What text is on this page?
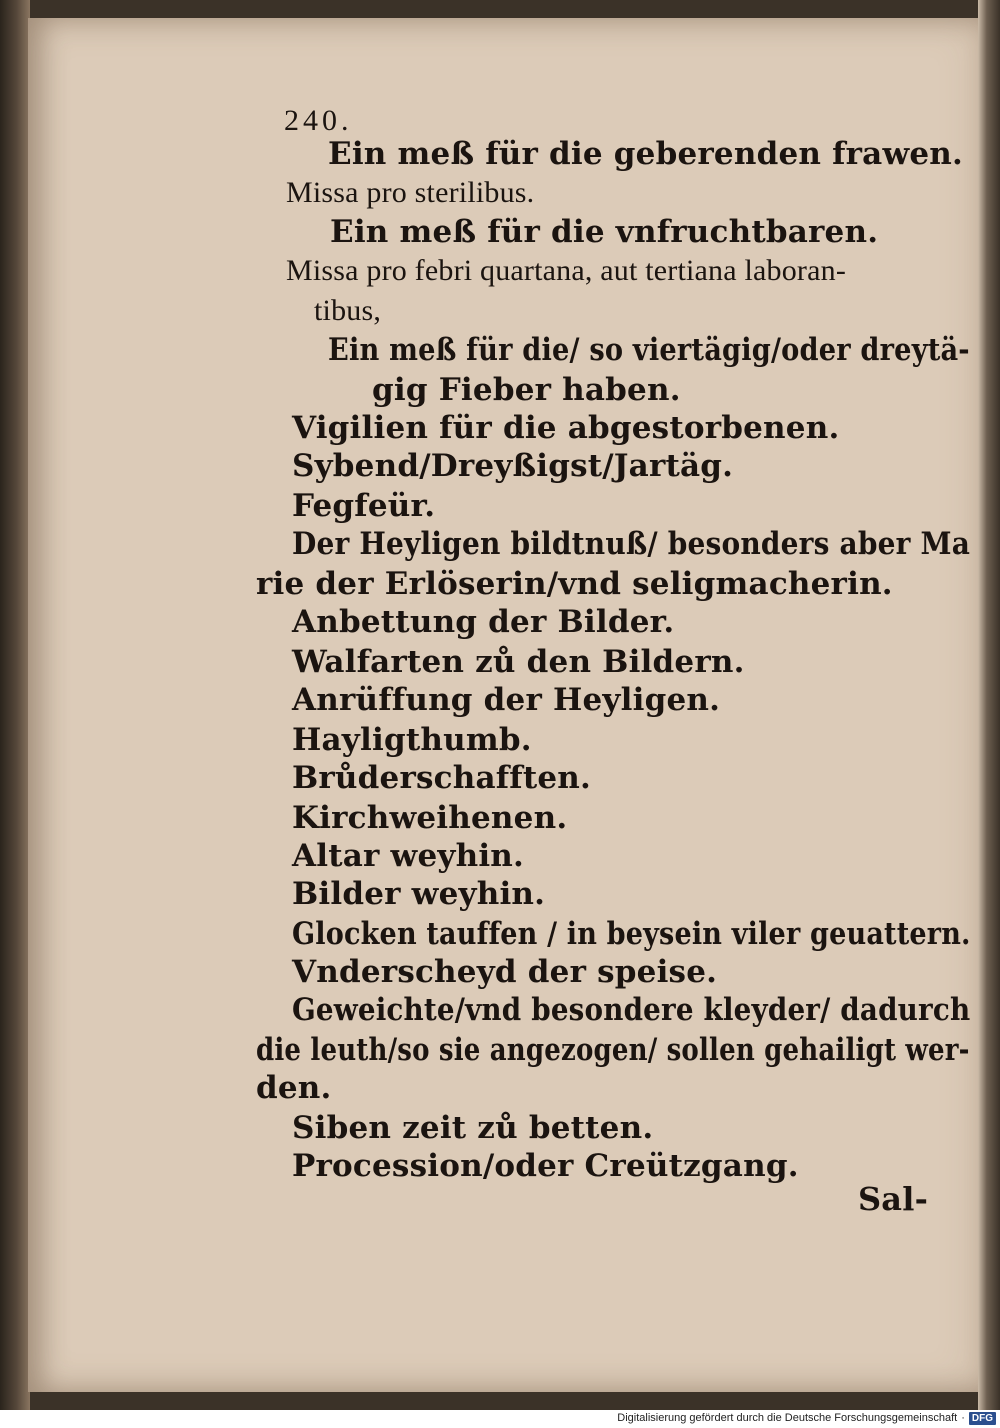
240.
Ein meß für die geberenden frawen.
Missa pro sterilibus.
Ein meß für die vnfruchtbaren.
Missa pro febri quartana, aut tertiana laboran-
tibus,
Ein meß für die/ so viertägig/oder dreytä-
gig Fieber haben.
Vigilien für die abgestorbenen.
Sybend/Dreyßigst/Jartäg.
Fegfeür.
Der Heyligen bildtnuß/ besonders aber Ma
rie der Erlöserin/vnd seligmacherin.
Anbettung der Bilder.
Walfarten zů den Bildern.
Anrüffung der Heyligen.
Hayligthumb.
Brůderschafften.
Kirchweihenen.
Altar weyhin.
Bilder weyhin.
Glocken tauffen / in beysein viler geuattern.
Vnderscheyd der speise.
Geweichte/vnd besondere kleyder/ dadurch
die leuth/so sie angezogen/ sollen gehailigt wer-
den.
Siben zeit zů betten.
Procession/oder Creützgang.
Sal-
Digitalisierung gefördert durch die Deutsche Forschungsgemeinschaft · DFG
